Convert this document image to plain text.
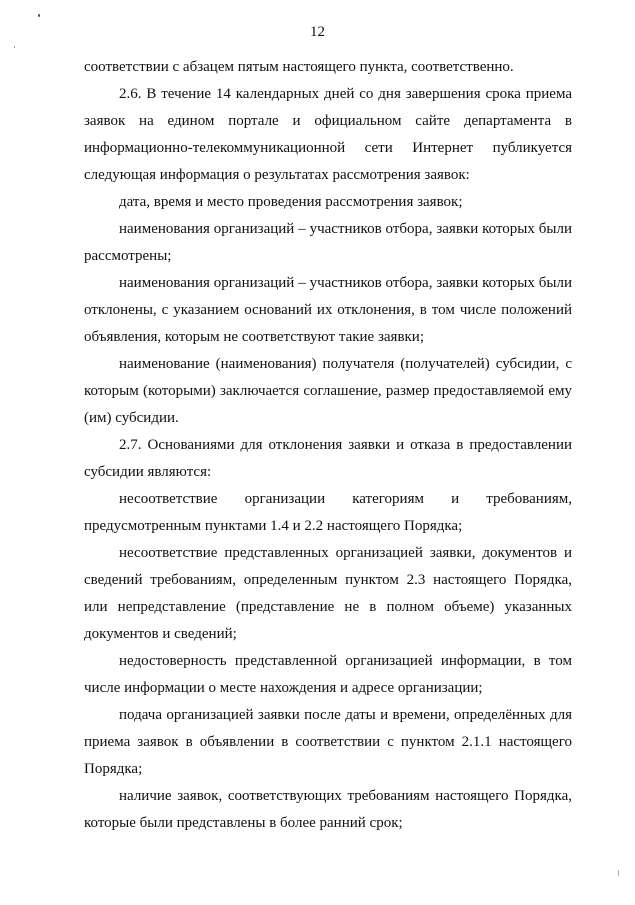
12

соответствии с абзацем пятым настоящего пункта, соответственно.

2.6. В течение 14 календарных дней со дня завершения срока приема заявок на едином портале и официальном сайте департамента в информационно-телекоммуникационной сети Интернет публикуется следующая информация о результатах рассмотрения заявок:

дата, время и место проведения рассмотрения заявок;

наименования организаций – участников отбора, заявки которых были рассмотрены;

наименования организаций – участников отбора, заявки которых были отклонены, с указанием оснований их отклонения, в том числе положений объявления, которым не соответствуют такие заявки;

наименование (наименования) получателя (получателей) субсидии, с которым (которыми) заключается соглашение, размер предоставляемой ему (им) субсидии.

2.7. Основаниями для отклонения заявки и отказа в предоставлении субсидии являются:

несоответствие организации категориям и требованиям, предусмотренным пунктами 1.4 и 2.2 настоящего Порядка;

несоответствие представленных организацией заявки, документов и сведений требованиям, определенным пунктом 2.3 настоящего Порядка, или непредставление (представление не в полном объеме) указанных документов и сведений;

недостоверность представленной организацией информации, в том числе информации о месте нахождения и адресе организации;

подача организацией заявки после даты и времени, определённых для приема заявок в объявлении в соответствии с пунктом 2.1.1 настоящего Порядка;

наличие заявок, соответствующих требованиям настоящего Порядка, которые были представлены в более ранний срок;
